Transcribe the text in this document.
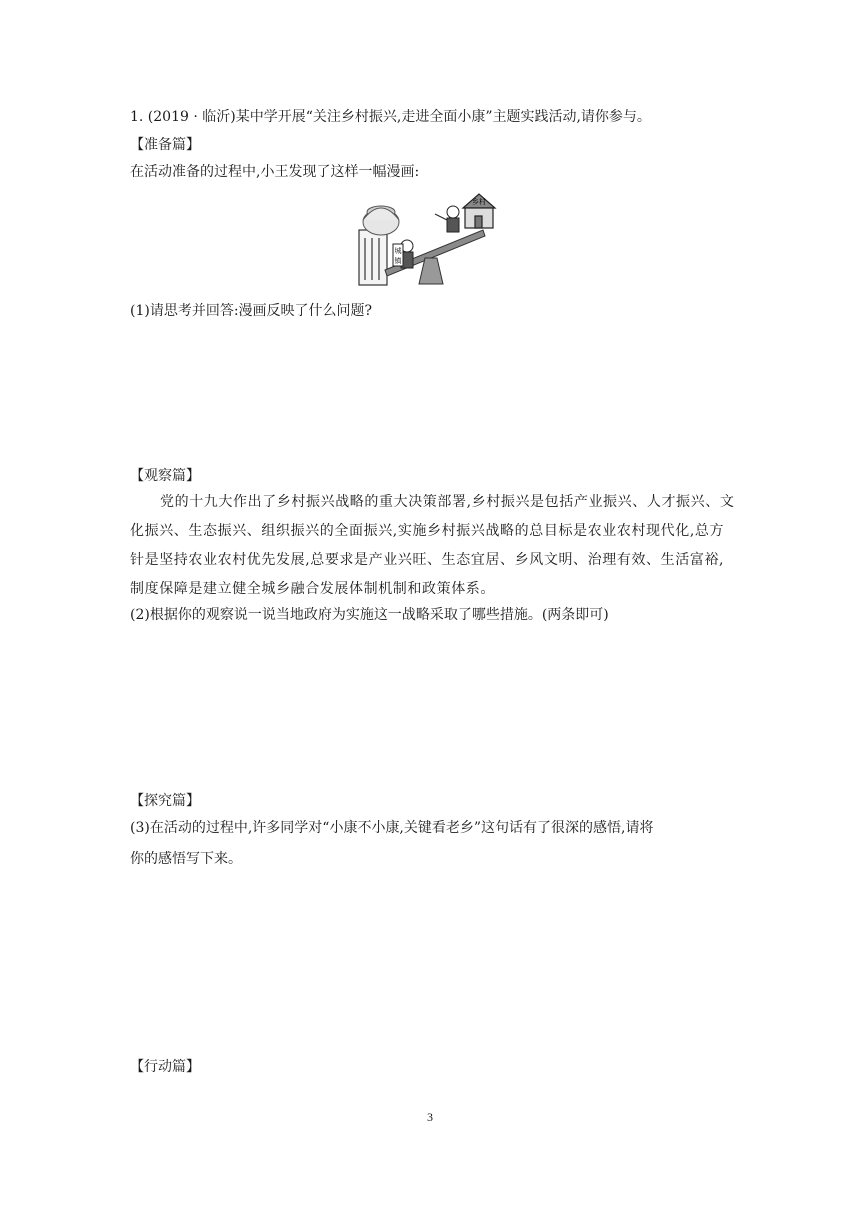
1. (2019 · 临沂)某中学开展“关注乡村振兴,走进全面小康”主题实践活动,请你参与。
【准备篇】
在活动准备的过程中,小王发现了这样一幅漫画:
城
镇
乡村
(1)请思考并回答:漫画反映了什么问题?
【观察篇】
党的十九大作出了乡村振兴战略的重大决策部署,乡村振兴是包括产业振兴、人才振兴、文化振兴、生态振兴、组织振兴的全面振兴,实施乡村振兴战略的总目标是农业农村现代化,总方针是坚持农业农村优先发展,总要求是产业兴旺、生态宜居、乡风文明、治理有效、生活富裕,制度保障是建立健全城乡融合发展体制机制和政策体系。
(2)根据你的观察说一说当地政府为实施这一战略采取了哪些措施。(两条即可)
【探究篇】
(3)在活动的过程中,许多同学对“小康不小康,关键看老乡”这句话有了很深的感悟,请将
你的感悟写下来。
【行动篇】
3
